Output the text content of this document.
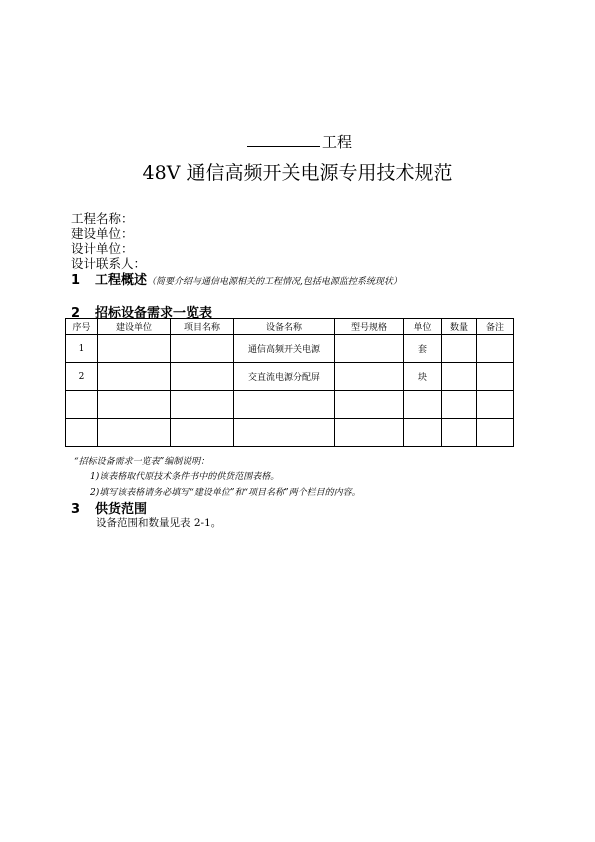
工程
48V 通信高频开关电源专用技术规范
工程名称：
建设单位：
设计单位：
设计联系人：
1 工程概述（简要介绍与通信电源相关的工程情况,包括电源监控系统现状）
2 招标设备需求一览表
序号	建设单位	项目名称	设备名称	型号规格	单位	数量	备注
1			通信高频开关电源		套		
2			交直流电源分配屏		块		

“招标设备需求一览表”编制说明：
1)该表格取代原技术条件书中的供货范围表格。
2)填写该表格请务必填写“建设单位”和“项目名称”两个栏目的内容。
3 供货范围
设备范围和数量见表 2-1。
